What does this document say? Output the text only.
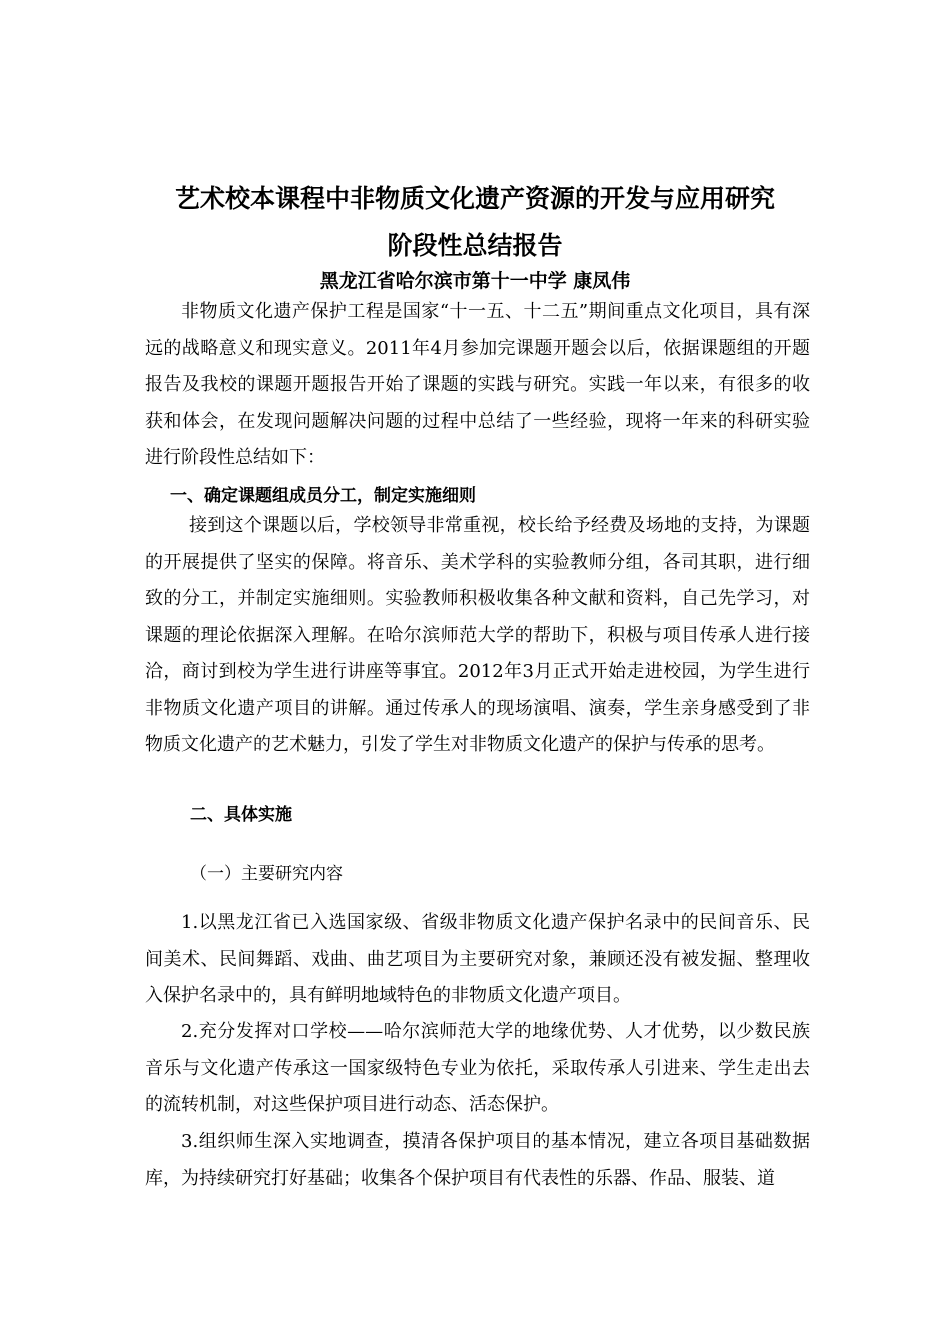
艺术校本课程中非物质文化遗产资源的开发与应用研究
阶段性总结报告
黑龙江省哈尔滨市第十一中学 康凤伟

非物质文化遗产保护工程是国家“十一五、十二五”期间重点文化项目，具有深远的战略意义和现实意义。2011年4月参加完课题开题会以后，依据课题组的开题报告及我校的课题开题报告开始了课题的实践与研究。实践一年以来，有很多的收获和体会，在发现问题解决问题的过程中总结了一些经验，现将一年来的科研实验进行阶段性总结如下：

一、确定课题组成员分工，制定实施细则

接到这个课题以后，学校领导非常重视，校长给予经费及场地的支持，为课题的开展提供了坚实的保障。将音乐、美术学科的实验教师分组，各司其职，进行细致的分工，并制定实施细则。实验教师积极收集各种文献和资料，自己先学习，对课题的理论依据深入理解。在哈尔滨师范大学的帮助下，积极与项目传承人进行接洽，商讨到校为学生进行讲座等事宜。2012年3月正式开始走进校园，为学生进行非物质文化遗产项目的讲解。通过传承人的现场演唱、演奏，学生亲身感受到了非物质文化遗产的艺术魅力，引发了学生对非物质文化遗产的保护与传承的思考。

二、具体实施
（一）主要研究内容

1.以黑龙江省已入选国家级、省级非物质文化遗产保护名录中的民间音乐、民间美术、民间舞蹈、戏曲、曲艺项目为主要研究对象，兼顾还没有被发掘、整理收入保护名录中的，具有鲜明地域特色的非物质文化遗产项目。

2.充分发挥对口学校——哈尔滨师范大学的地缘优势、人才优势，以少数民族音乐与文化遗产传承这一国家级特色专业为依托，采取传承人引进来、学生走出去的流转机制，对这些保护项目进行动态、活态保护。

3.组织师生深入实地调查，摸清各保护项目的基本情况，建立各项目基础数据库，为持续研究打好基础；收集各个保护项目有代表性的乐器、作品、服装、道
